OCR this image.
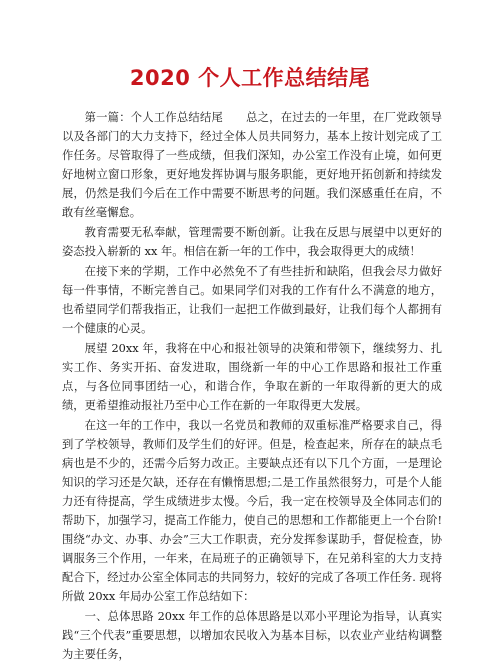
2020 个人工作总结结尾

第一篇：个人工作总结结尾　　总之，在过去的一年里，在厂党政领导以及各部门的大力支持下，经过全体人员共同努力，基本上按计划完成了工作任务。尽管取得了一些成绩，但我们深知，办公室工作没有止境，如何更好地树立窗口形象，更好地发挥协调与服务职能，更好地开拓创新和持续发展，仍然是我们今后在工作中需要不断思考的问题。我们深感重任在肩，不敢有丝毫懈怠。

教育需要无私奉献，管理需要不断创新。让我在反思与展望中以更好的姿态投入崭新的 xx 年。相信在新一年的工作中，我会取得更大的成绩！

在接下来的学期，工作中必然免不了有些挂折和缺陷，但我会尽力做好每一件事情，不断完善自己。如果同学们对我的工作有什么不满意的地方，也希望同学们帮我指正，让我们一起把工作做到最好，让我们每个人都拥有一个健康的心灵。

展望 20xx 年，我将在中心和报社领导的决策和带领下，继续努力、扎实工作、务实开拓、奋发进取，围绕新一年的中心工作思路和报社工作重点，与各位同事团结一心，和谐合作，争取在新的一年取得新的更大的成绩，更希望推动报社乃至中心工作在新的一年取得更大发展。

在这一年的工作中，我以一名党员和教师的双重标准严格要求自己，得到了学校领导，教师们及学生们的好评。但是，检查起来，所存在的缺点毛病也是不少的，还需今后努力改正。主要缺点还有以下几个方面，一是理论知识的学习还是欠缺，还存在有懒惰思想;二是工作虽然很努力，可是个人能力还有待提高，学生成绩进步太慢。今后，我一定在校领导及全体同志们的帮助下，加强学习，提高工作能力，使自己的思想和工作都能更上一个台阶!围绕“办文、办事、办会”三大工作职责，充分发挥参谋助手，督促检查，协调服务三个作用，一年来，在局班子的正确领导下，在兄弟科室的大力支持配合下，经过办公室全体同志的共同努力，较好的完成了各项工作任务. 现将所做 20xx 年局办公室工作总结如下：

一、总体思路 20xx 年工作的总体思路是以邓小平理论为指导，认真实践“三个代表”重要思想，以增加农民收入为基本目标，以农业产业结构调整为主要任务，
